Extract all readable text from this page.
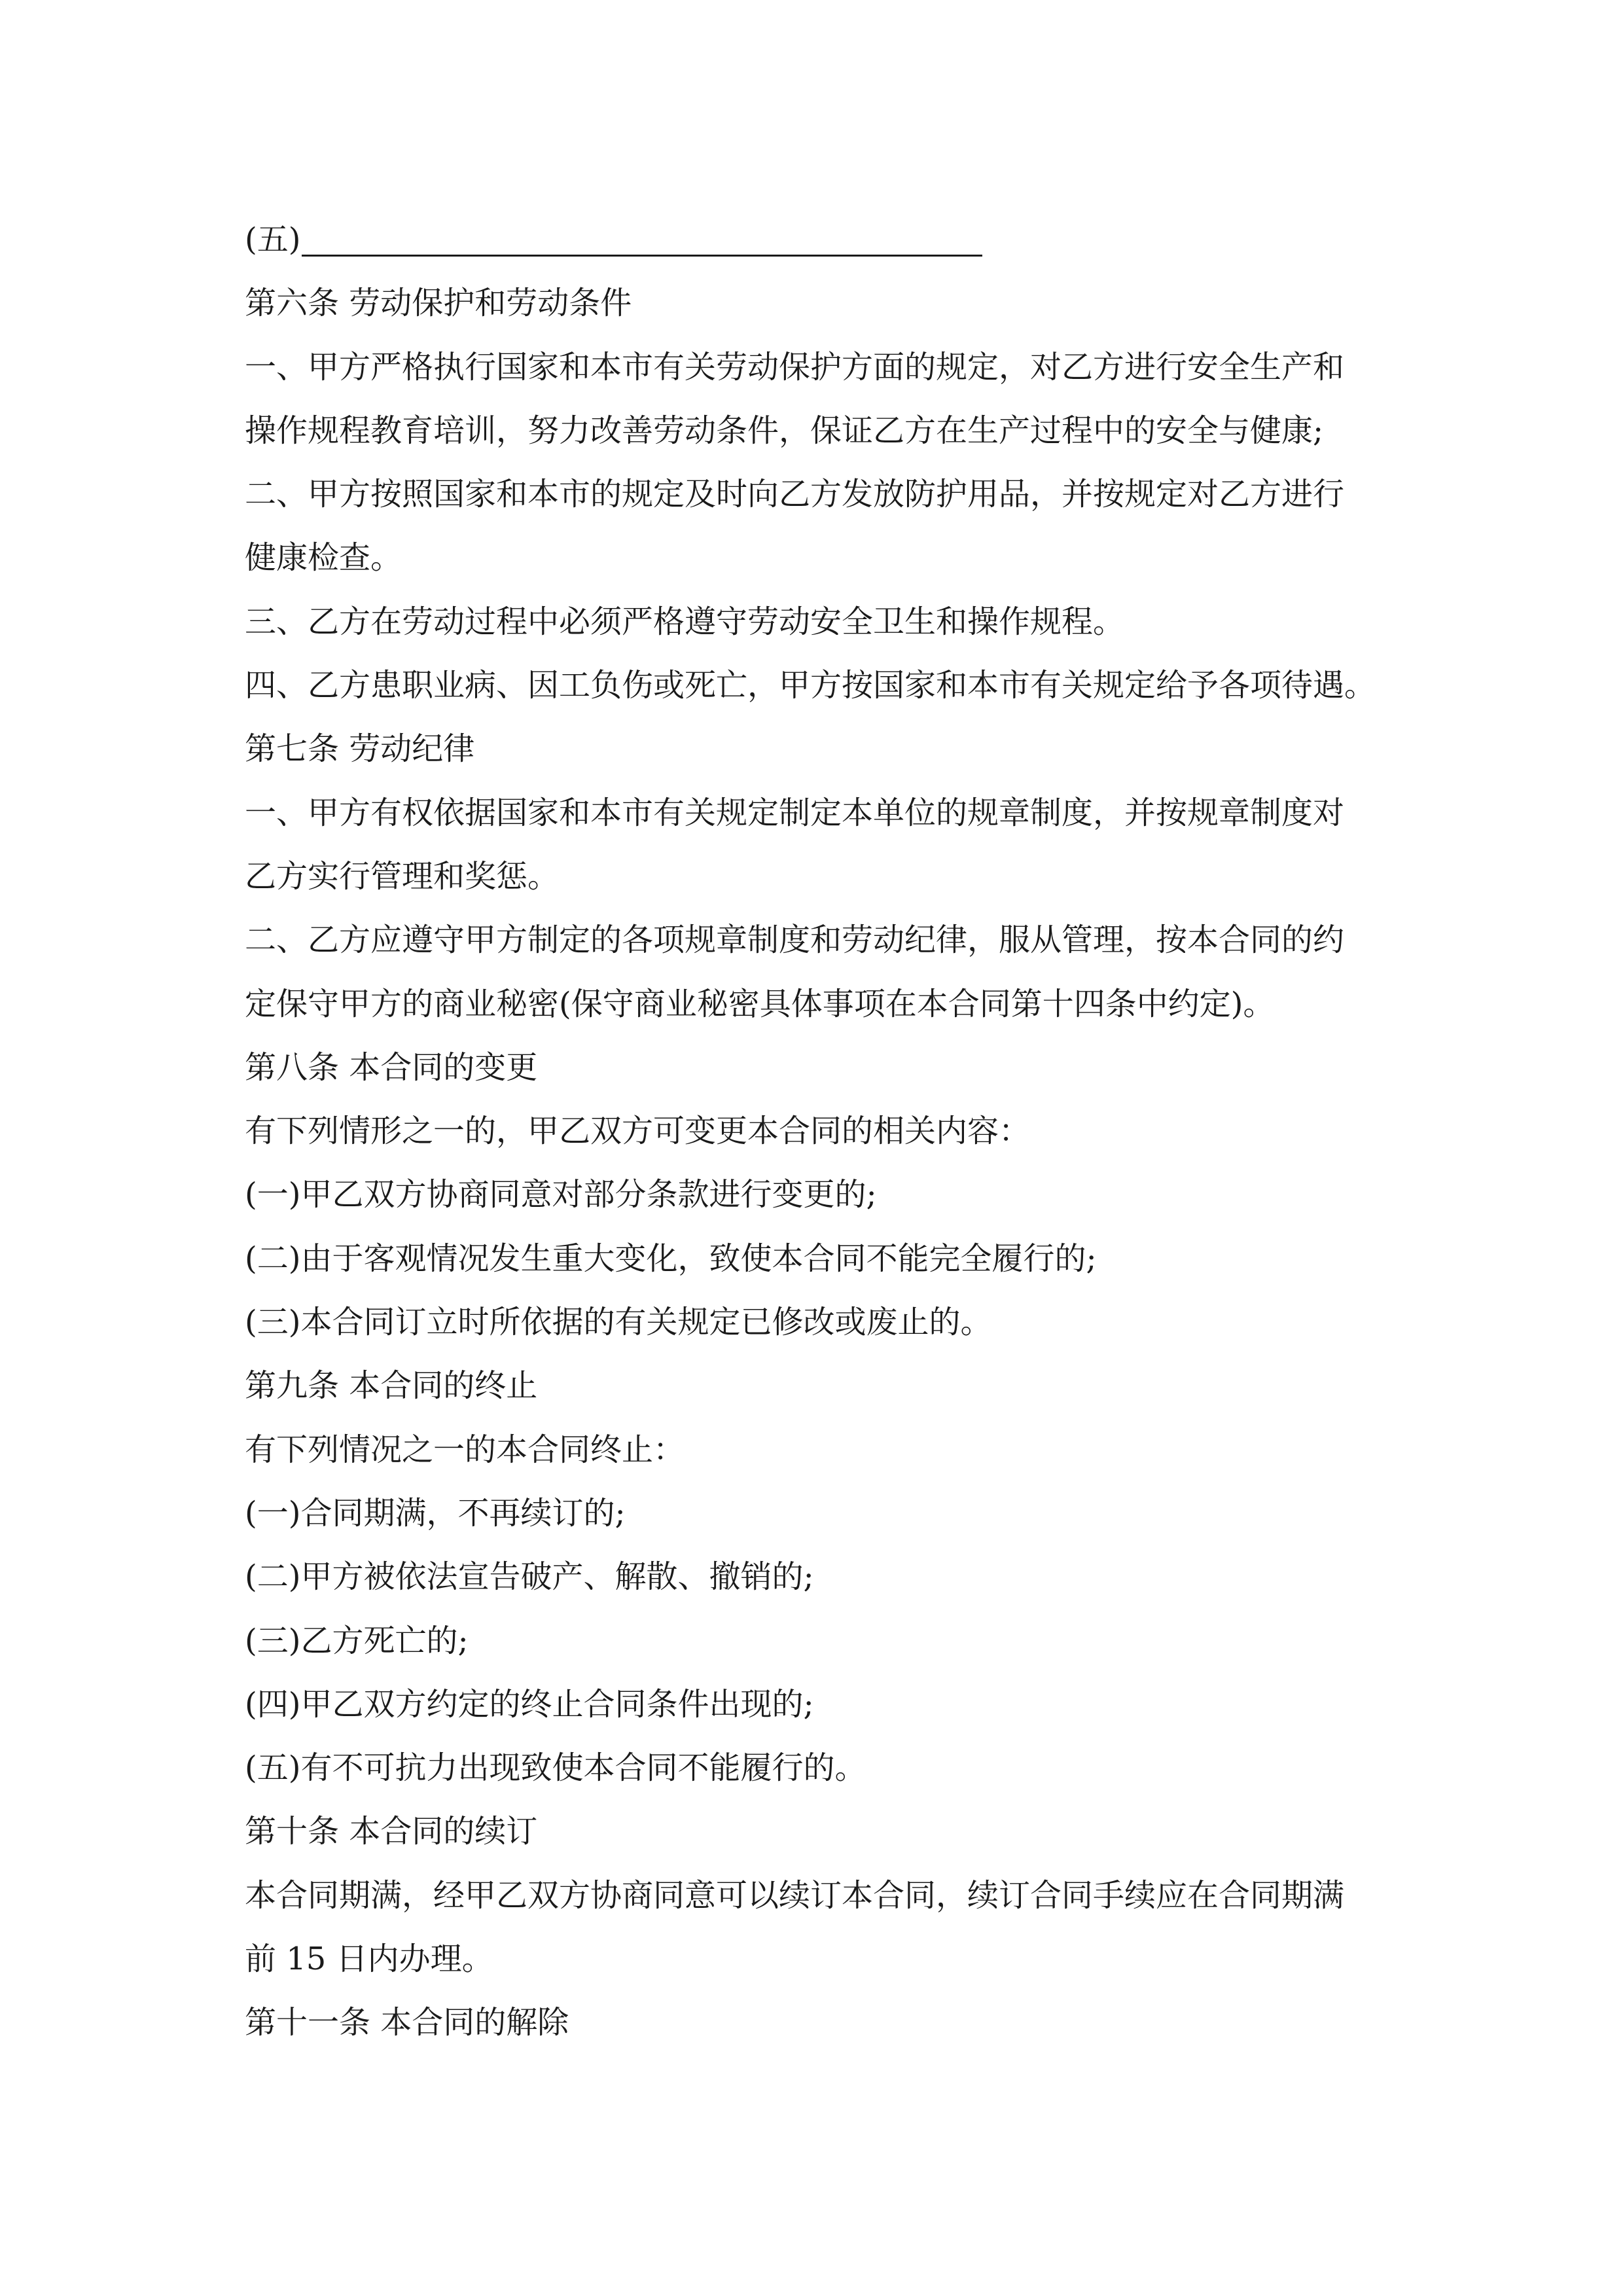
(五)

第六条 劳动保护和劳动条件

一、甲方严格执行国家和本市有关劳动保护方面的规定，对乙方进行安全生产和

操作规程教育培训，努力改善劳动条件，保证乙方在生产过程中的安全与健康;

二、甲方按照国家和本市的规定及时向乙方发放防护用品，并按规定对乙方进行

健康检查。

三、乙方在劳动过程中必须严格遵守劳动安全卫生和操作规程。

四、乙方患职业病、因工负伤或死亡，甲方按国家和本市有关规定给予各项待遇。

第七条 劳动纪律

一、甲方有权依据国家和本市有关规定制定本单位的规章制度，并按规章制度对

乙方实行管理和奖惩。

二、乙方应遵守甲方制定的各项规章制度和劳动纪律，服从管理，按本合同的约

定保守甲方的商业秘密(保守商业秘密具体事项在本合同第十四条中约定)。

第八条 本合同的变更

有下列情形之一的，甲乙双方可变更本合同的相关内容：

(一)甲乙双方协商同意对部分条款进行变更的;

(二)由于客观情况发生重大变化，致使本合同不能完全履行的;

(三)本合同订立时所依据的有关规定已修改或废止的。

第九条 本合同的终止

有下列情况之一的本合同终止：

(一)合同期满，不再续订的;

(二)甲方被依法宣告破产、解散、撤销的;

(三)乙方死亡的;

(四)甲乙双方约定的终止合同条件出现的;

(五)有不可抗力出现致使本合同不能履行的。

第十条 本合同的续订

本合同期满，经甲乙双方协商同意可以续订本合同，续订合同手续应在合同期满

前 15 日内办理。

第十一条 本合同的解除
